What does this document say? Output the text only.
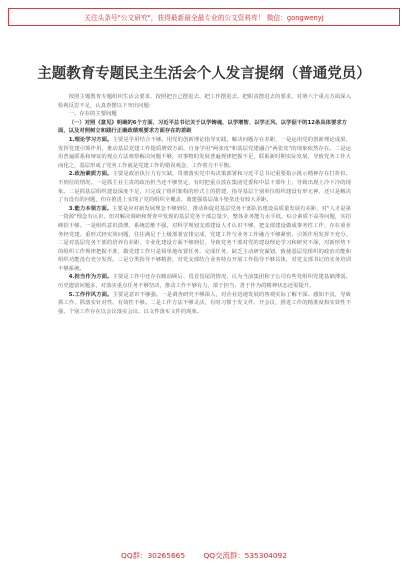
关注头条号"公文研究"，获得最新最全最专业的公文资料库！ 微信：gongwenyj
主题教育专题民主生活会个人发言提纲（普通党员）

按照主题教育专题组织生活会要求，按照把自己摆进去、把工作摆进去、把职责摆进去的要求，对照六个重点方面深入检视反思不足，认真查摆以下突出问题：

一、存在的主要问题

（一）对照《意见》明确的6个方面、习近平总书记关于以学铸魂、以学增智、以学正风、以学促干的12条具体要求方面，以及对照树立和践行正确政绩观要求方面存在的差距

1.理论学习方面。主要是学用结合不够。用党的创新理论指导实践、解决问题存在差距，一是运用党的创新理论成果，发挥党建引领作用，推动基层党建工作提质增效方面，自身学用"两张皮"和基层党建融合"两张皮"的现象依然存在。二是运用普遍联系和辩证的观点方法观察解决问题不够，对事物的发展普遍规律把握不足，联系新时期实际发展，导致党务工作大而化之，基层形成了党务工作就是党建工作的错误观念，工作着力不平衡。

2.政治素质方面。主要是政治执行力有欠缺，贯彻落实党中央决策部署和习近平总书记重要指示批示精神存在打折扣、不到位的情况。一是抓主业主责的政治担当还不够坚定，有时把重点放在集团党委和中层干部年上，导致出现上冷下冷的现象。二是抓基层组织建设深度不足，只完成了组织架构的形式上的搭建，指导基层个别单位组织建设有形无神，还只是解决了有没有的问题，但在推进上实现了党的组织全覆盖，离建强基层战斗堡垒还有较大差距。

3.能力本领方面。主要是应对新发展理念不够到位，推动和促进基层党务干部队伍建设高质量发展有差距，对"人才是第一资源"理念有认识，但对解决调研和督查中发现的基层党务干部总量少、整体业务能力水平低、综合素质不高等问题，实招硬招不够。一是组织意识淡薄、系统思维不强。对科学规划支部建设人才认识不够，把支部建设做成事务性工作，存在重业务轻党建、重形式轻实效问题，往往满足于上级部署安排完成，党建工作与业务工作融合不够紧密，引领作用发挥不充分。二是对基层党务干部的培养有差距，专业化建设方面不够到位，导致党务干部对党的建设理论学习和研究不深，对新形势下的组织工作规律把握不准，做党建工作只是简单地布置任务、完成任务，缺乏主动研究谋划，致使基层党组织的政治功能和组织功能没有充分发挥。三是分类指导不够精准，对党支部结合业务特点开展工作指导不够具体，对党支部书记的实务培训不够系统。

4.担当作为方面。主要是工作中还存在瞻前顾后、畏首畏尾的情况，认为当前集团和子公司有些党组织党建基础薄弱、历史遗留问题多，对落实重点任务不够坚决，推动工作不够有力，敢于担当、善于作为的精神状态还需提升。

5.工作作风方面。主要是意识不够强。一是调查研究不够深入，对企业迅速发展的客观实际了解不深、感知不真，导致抓工作、抓落实针对性、有效性不够。二是工作方法不够灵活，有时习惯于发文件、开会议，推进工作的精准度和实效性不强，个别工作存在以会议落实会议、以文件落实文件的现象。

QQ群：30265665 QQ交流群：535304092
